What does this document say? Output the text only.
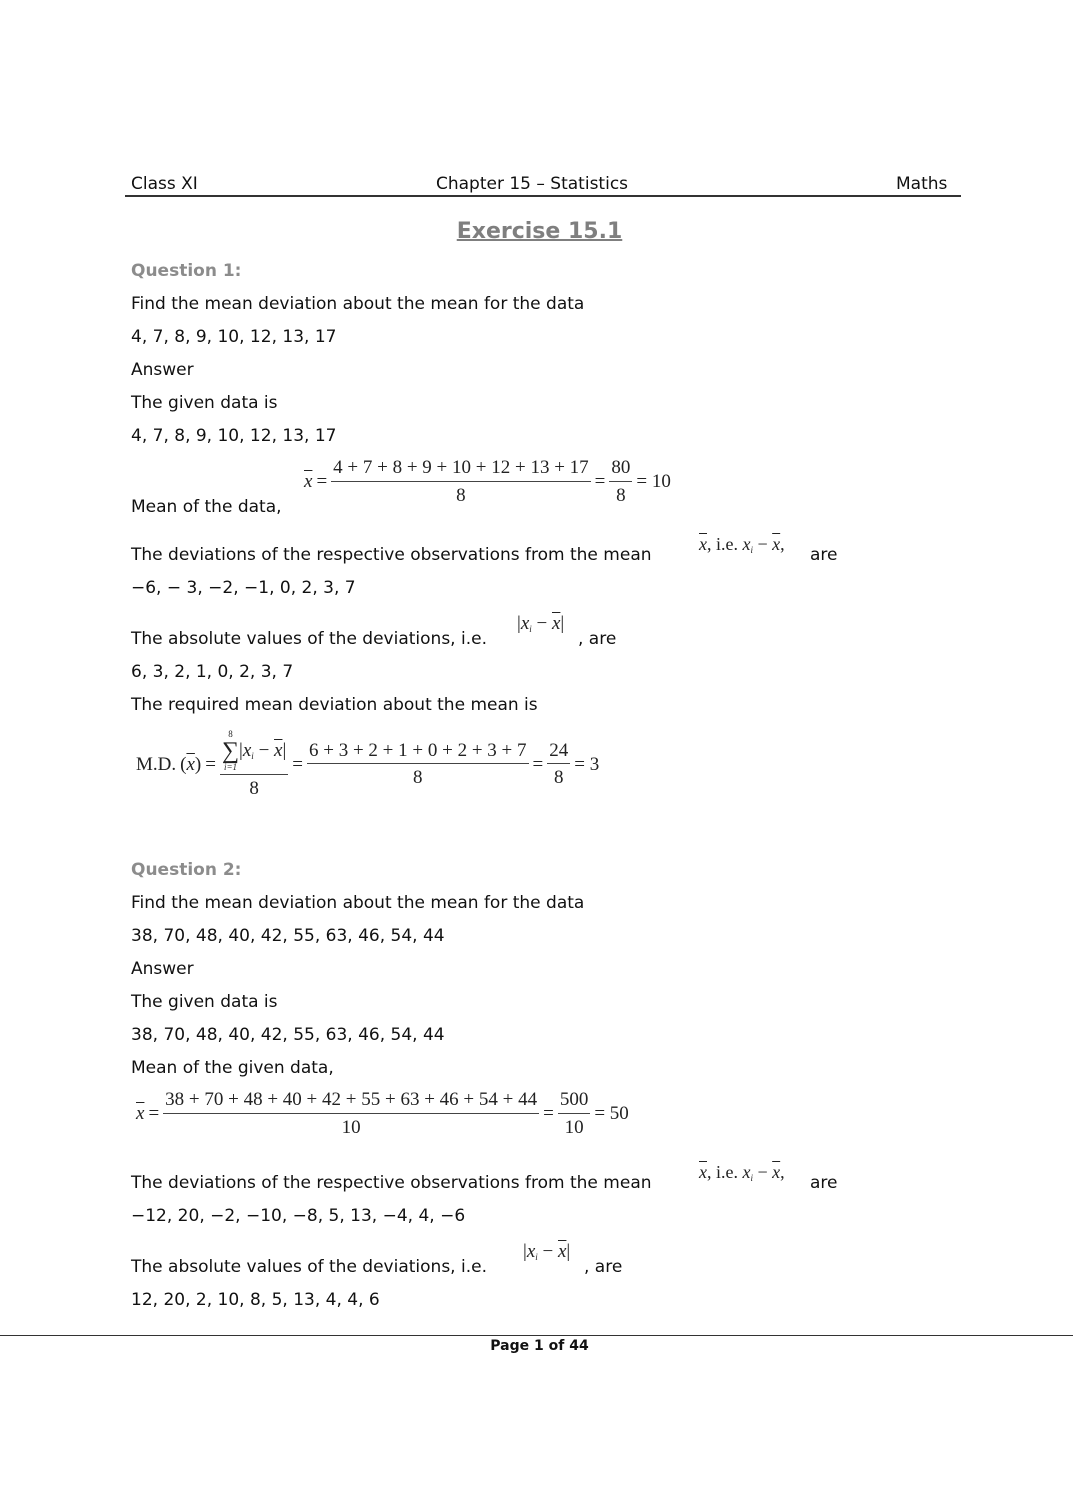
Class XI	Chapter 15 – Statistics	Maths
Exercise 15.1
Question 1:
Find the mean deviation about the mean for the data
4, 7, 8, 9, 10, 12, 13, 17
Answer
The given data is
4, 7, 8, 9, 10, 12, 13, 17
Mean of the data,
$\overline{x} = \frac{4 + 7 + 8 + 9 + 10 + 12 + 13 + 17}{8} = \frac{80}{8} = 10$
The deviations of the respective observations from the mean
$\overline{x}$, i.e. $x_i - \overline{x}$,
are
−6, − 3, −2, −1, 0, 2, 3, 7
The absolute values of the deviations, i.e.
$|x_i - \overline{x}|$
, are
6, 3, 2, 1, 0, 2, 3, 7
The required mean deviation about the mean is
M.D. $(\overline{x}) = 8$
∑
i=1
$|x_i - \overline{x}|$
$8 = \frac{6 + 3 + 2 + 1 + 0 + 2 + 3 + 7}{8} = \frac{24}{8} = 3$
Question 2:
Find the mean deviation about the mean for the data
38, 70, 48, 40, 42, 55, 63, 46, 54, 44
Answer
The given data is
38, 70, 48, 40, 42, 55, 63, 46, 54, 44
Mean of the given data,
$\overline{x} = \frac{38 + 70 + 48 + 40 + 42 + 55 + 63 + 46 + 54 + 44}{10} = \frac{500}{10} = 50$
The deviations of the respective observations from the mean
$\overline{x}$, i.e. $x_i - \overline{x}$,
are
−12, 20, −2, −10, −8, 5, 13, −4, 4, −6
The absolute values of the deviations, i.e.
$|x_i - \overline{x}|$
, are
12, 20, 2, 10, 8, 5, 13, 4, 4, 6
Page 1 of 44
